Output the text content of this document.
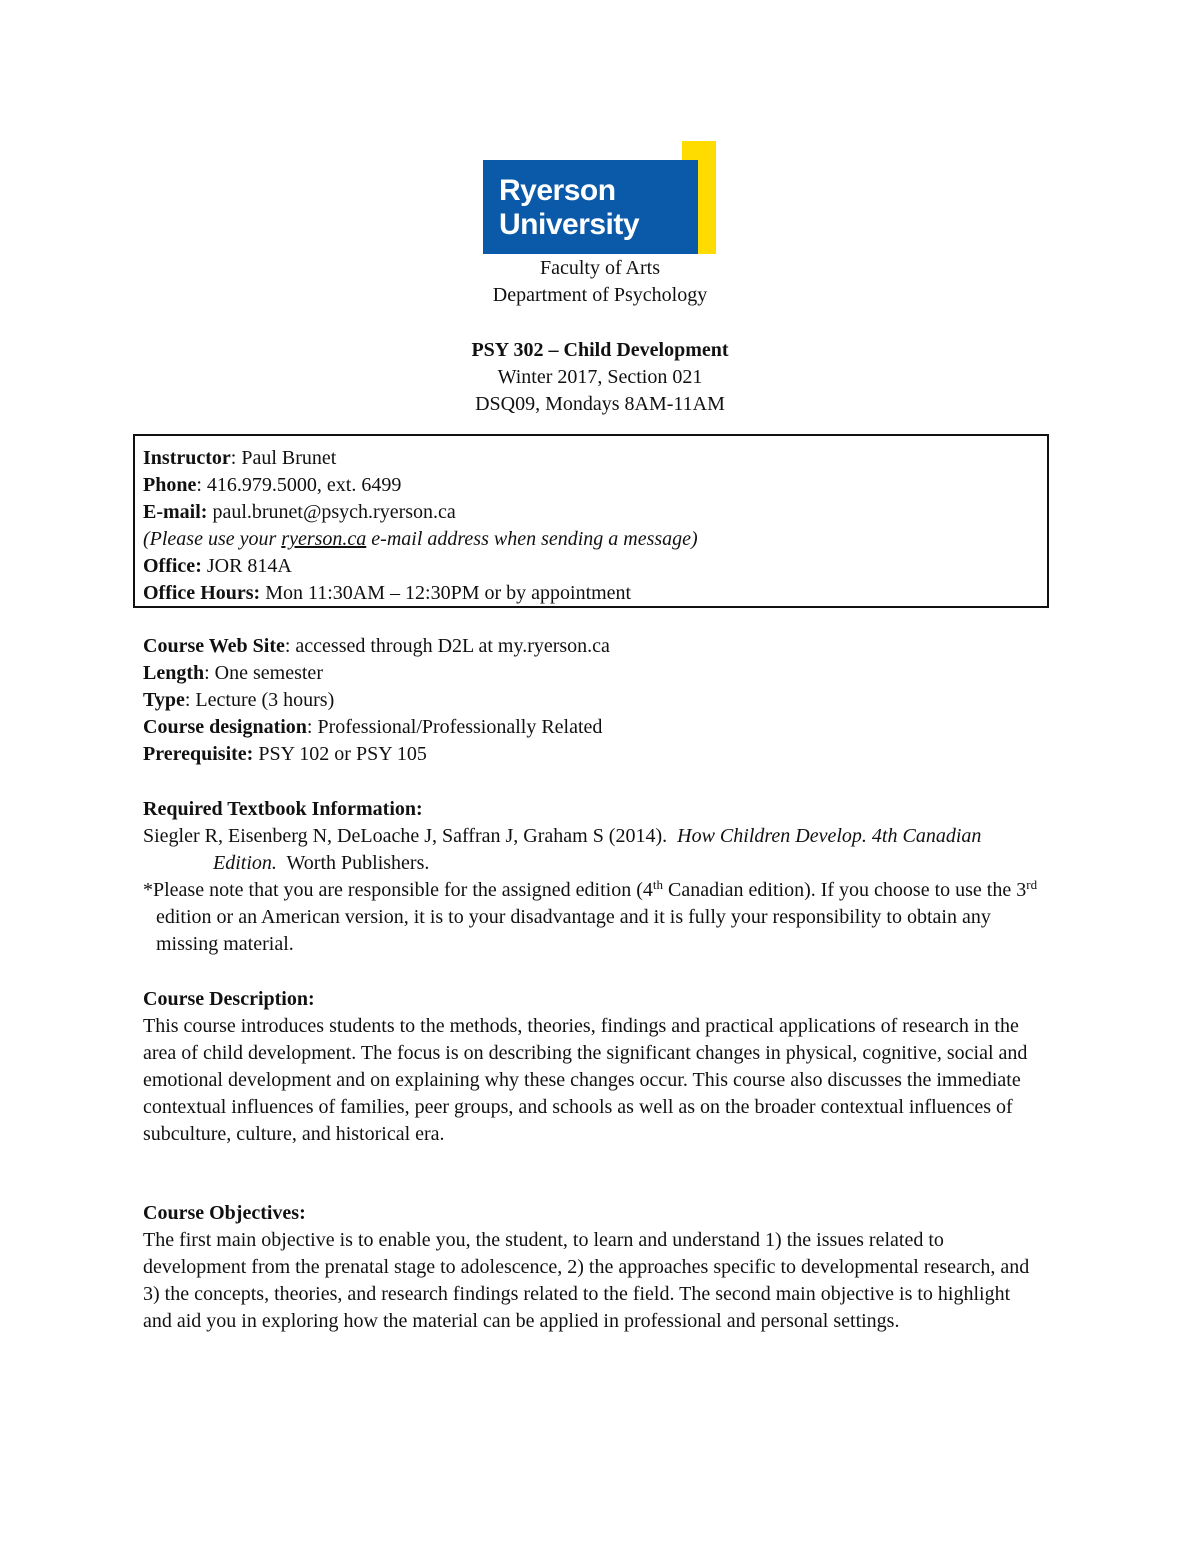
Ryerson
University
Faculty of Arts
Department of Psychology
PSY 302 – Child Development
Winter 2017, Section 021
DSQ09, Mondays 8AM-11AM
Instructor: Paul Brunet
Phone: 416.979.5000, ext. 6499
E-mail: paul.brunet@psych.ryerson.ca
(Please use your ryerson.ca e-mail address when sending a message)
Office: JOR 814A
Office Hours: Mon 11:30AM – 12:30PM or by appointment
Course Web Site: accessed through D2L at my.ryerson.ca
Length: One semester
Type: Lecture (3 hours)
Course designation: Professional/Professionally Related
Prerequisite: PSY 102 or PSY 105
Required Textbook Information:

Siegler R, Eisenberg N, DeLoache J, Saffran J, Graham S (2014). How Children Develop. 4th Canadian Edition. Worth Publishers.

*Please note that you are responsible for the assigned edition (4th Canadian edition). If you choose to use the 3rd edition or an American version, it is to your disadvantage and it is fully your responsibility to obtain any missing material.

Course Description:

This course introduces students to the methods, theories, findings and practical applications of research in the area of child development. The focus is on describing the significant changes in physical, cognitive, social and emotional development and on explaining why these changes occur. This course also discusses the immediate contextual influences of families, peer groups, and schools as well as on the broader contextual influences of subculture, culture, and historical era.

Course Objectives:

The first main objective is to enable you, the student, to learn and understand 1) the issues related to development from the prenatal stage to adolescence, 2) the approaches specific to developmental research, and 3) the concepts, theories, and research findings related to the field. The second main objective is to highlight and aid you in exploring how the material can be applied in professional and personal settings.
